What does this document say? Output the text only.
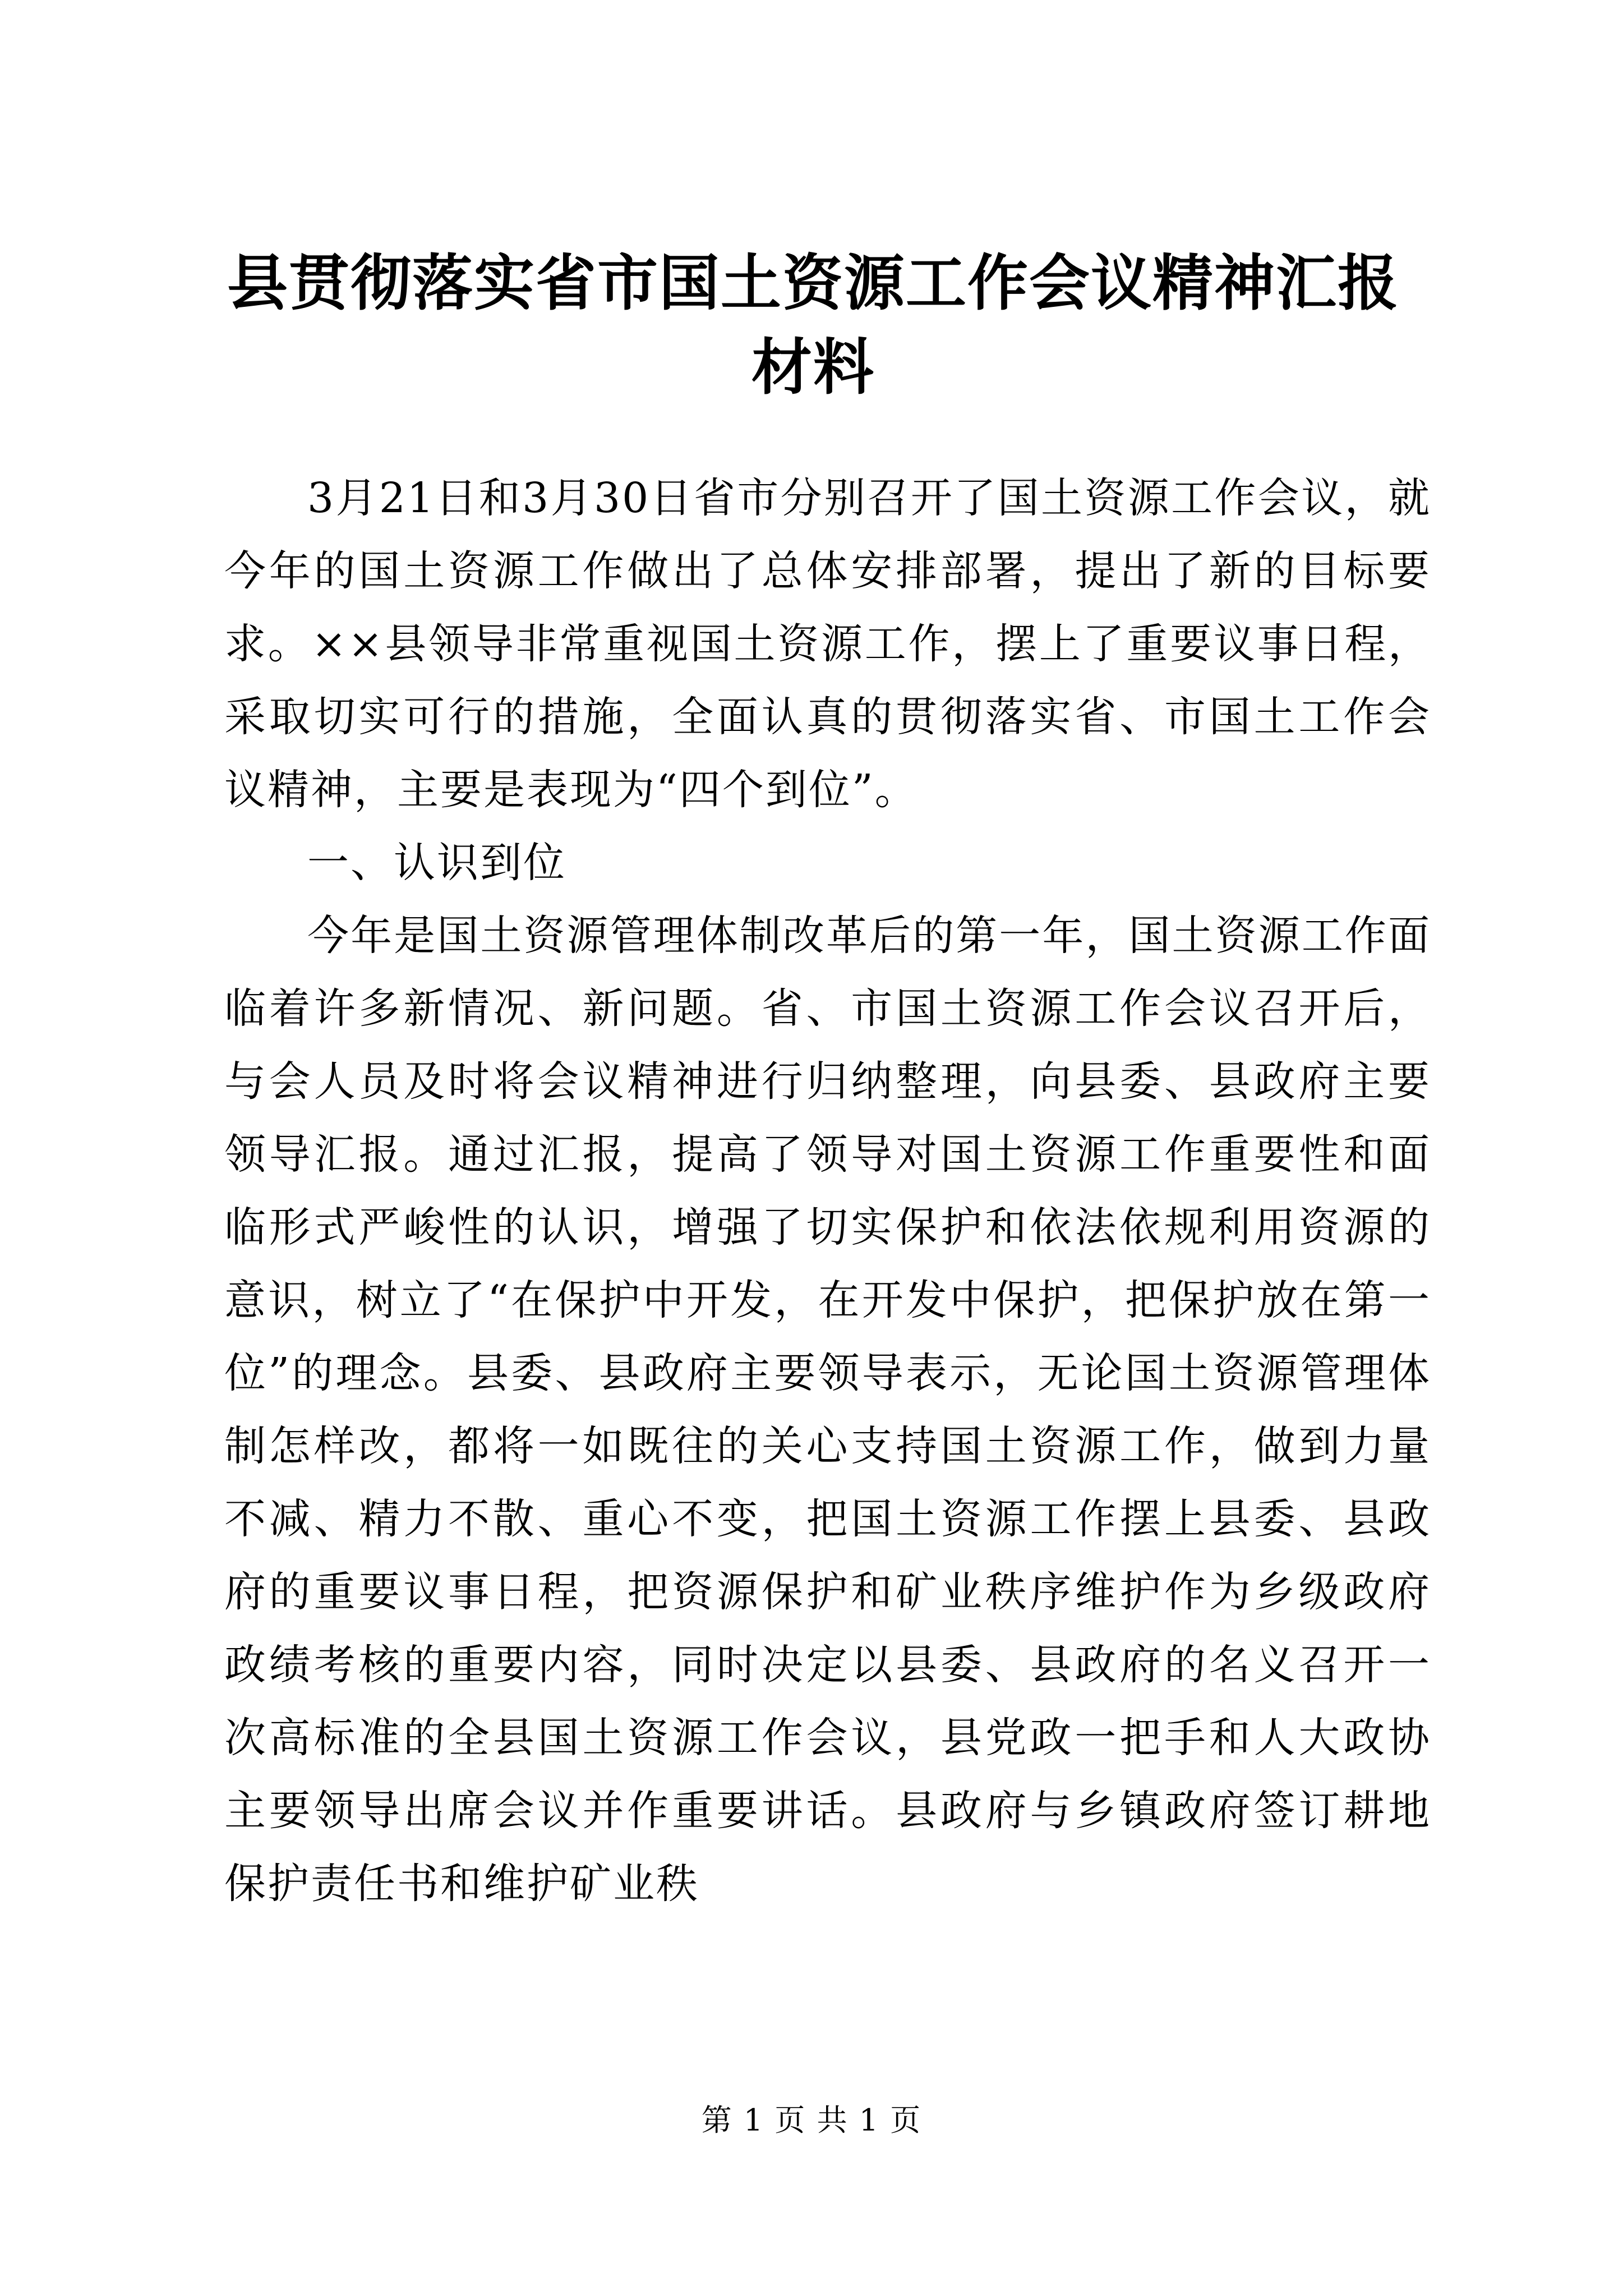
县贯彻落实省市国土资源工作会议精神汇报材料

3月21日和3月30日省市分别召开了国土资源工作会议，就今年的国土资源工作做出了总体安排部署，提出了新的目标要求。××县领导非常重视国土资源工作，摆上了重要议事日程，采取切实可行的措施，全面认真的贯彻落实省、市国土工作会议精神，主要是表现为“四个到位”。

一、认识到位

今年是国土资源管理体制改革后的第一年，国土资源工作面临着许多新情况、新问题。省、市国土资源工作会议召开后，与会人员及时将会议精神进行归纳整理，向县委、县政府主要领导汇报。通过汇报，提高了领导对国土资源工作重要性和面临形式严峻性的认识，增强了切实保护和依法依规利用资源的意识，树立了“在保护中开发，在开发中保护，把保护放在第一位”的理念。县委、县政府主要领导表示，无论国土资源管理体制怎样改，都将一如既往的关心支持国土资源工作，做到力量不减、精力不散、重心不变，把国土资源工作摆上县委、县政府的重要议事日程，把资源保护和矿业秩序维护作为乡级政府政绩考核的重要内容，同时决定以县委、县政府的名义召开一次高标准的全县国土资源工作会议，县党政一把手和人大政协主要领导出席会议并作重要讲话。县政府与乡镇政府签订耕地保护责任书和维护矿业秩

第 1 页 共 1 页
